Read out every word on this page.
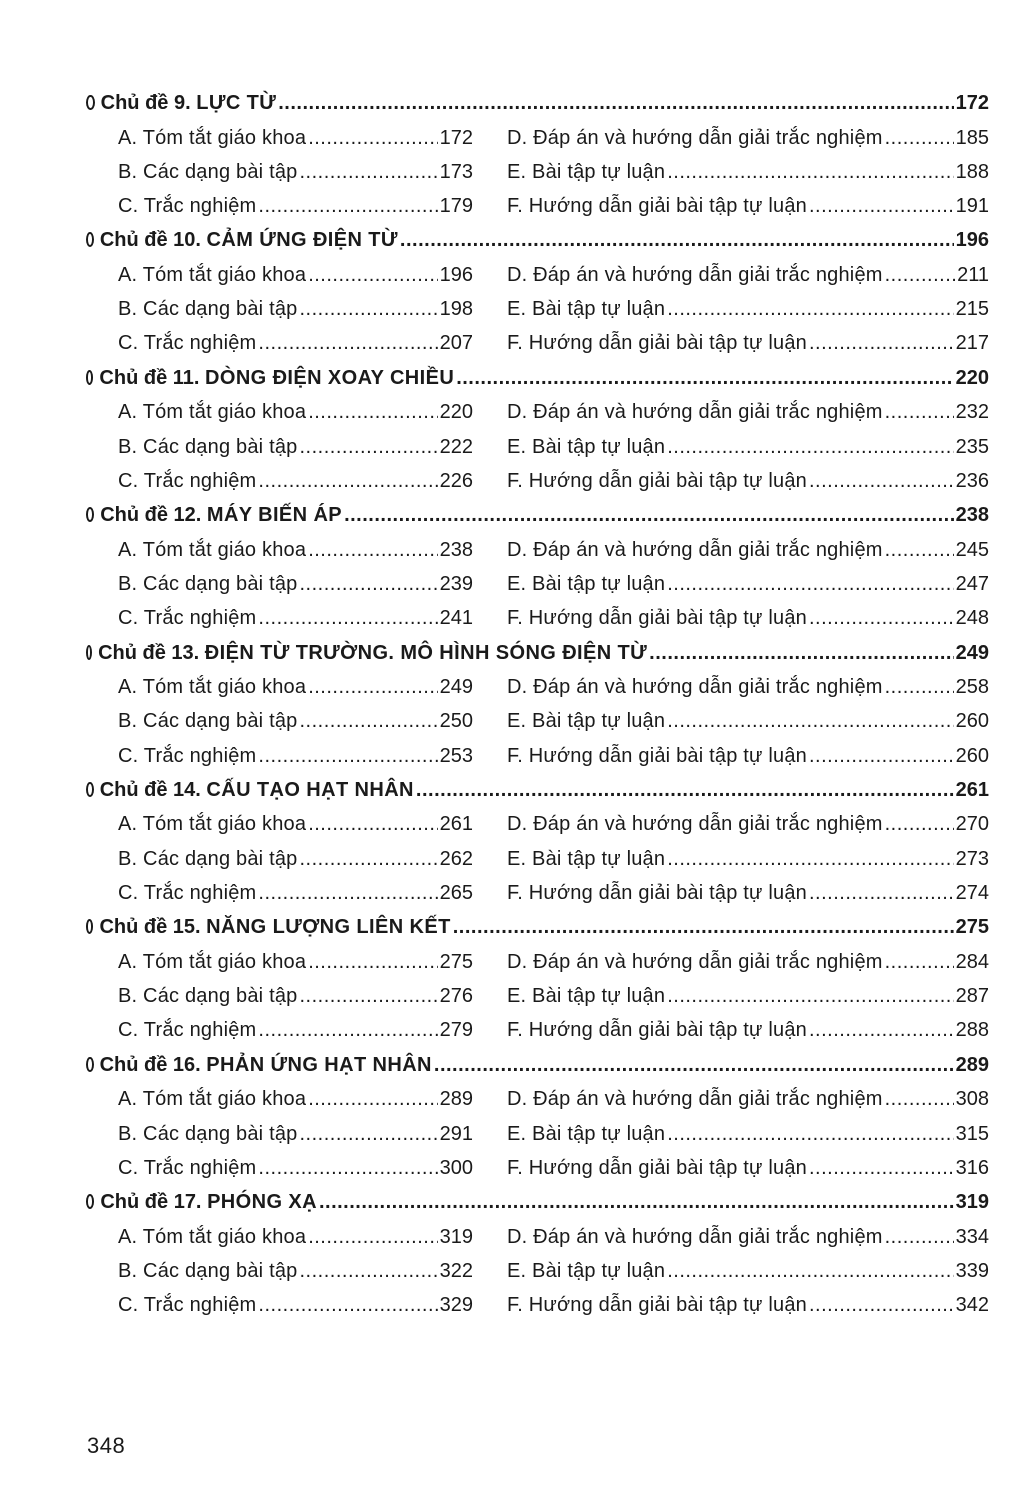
Chủ đề 9.
LỰC TỪ .....	172
A. Tóm tắt giáo khoa .....	172 D. Đáp án và hướng dẫn giải trắc nghiệm .....	185
B. Các dạng bài tập .....	173 E. Bài tập tự luận .....	188
C. Trắc nghiệm .....	179 F. Hướng dẫn giải bài tập tự luận .....	191
Chủ đề 10.
CẢM ỨNG ĐIỆN TỪ .....	196
A. Tóm tắt giáo khoa .....	196 D. Đáp án và hướng dẫn giải trắc nghiệm .....	211
B. Các dạng bài tập .....	198 E. Bài tập tự luận .....	215
C. Trắc nghiệm .....	207 F. Hướng dẫn giải bài tập tự luận .....	217
Chủ đề 11.
DÒNG ĐIỆN XOAY CHIỀU .....	220
A. Tóm tắt giáo khoa .....	220 D. Đáp án và hướng dẫn giải trắc nghiệm .....	232
B. Các dạng bài tập .....	222 E. Bài tập tự luận .....	235
C. Trắc nghiệm .....	226 F. Hướng dẫn giải bài tập tự luận .....	236
Chủ đề 12.
MÁY BIẾN ÁP .....	238
A. Tóm tắt giáo khoa .....	238 D. Đáp án và hướng dẫn giải trắc nghiệm .....	245
B. Các dạng bài tập .....	239 E. Bài tập tự luận .....	247
C. Trắc nghiệm .....	241 F. Hướng dẫn giải bài tập tự luận .....	248
Chủ đề 13.
ĐIỆN TỪ TRƯỜNG. MÔ HÌNH SÓNG ĐIỆN TỪ .....	249
A. Tóm tắt giáo khoa .....	249 D. Đáp án và hướng dẫn giải trắc nghiệm .....	258
B. Các dạng bài tập .....	250 E. Bài tập tự luận .....	260
C. Trắc nghiệm .....	253 F. Hướng dẫn giải bài tập tự luận .....	260
Chủ đề 14.
CẤU TẠO HẠT NHÂN .....	261
A. Tóm tắt giáo khoa .....	261 D. Đáp án và hướng dẫn giải trắc nghiệm .....	270
B. Các dạng bài tập .....	262 E. Bài tập tự luận .....	273
C. Trắc nghiệm .....	265 F. Hướng dẫn giải bài tập tự luận .....	274
Chủ đề 15.
NĂNG LƯỢNG LIÊN KẾT .....	275
A. Tóm tắt giáo khoa .....	275 D. Đáp án và hướng dẫn giải trắc nghiệm .....	284
B. Các dạng bài tập .....	276 E. Bài tập tự luận .....	287
C. Trắc nghiệm .....	279 F. Hướng dẫn giải bài tập tự luận .....	288
Chủ đề 16.
PHẢN ỨNG HẠT NHÂN .....	289
A. Tóm tắt giáo khoa .....	289 D. Đáp án và hướng dẫn giải trắc nghiệm .....	308
B. Các dạng bài tập .....	291 E. Bài tập tự luận .....	315
C. Trắc nghiệm .....	300 F. Hướng dẫn giải bài tập tự luận .....	316
Chủ đề 17.
PHÓNG XẠ .....	319
A. Tóm tắt giáo khoa .....	319 D. Đáp án và hướng dẫn giải trắc nghiệm .....	334
B. Các dạng bài tập .....	322 E. Bài tập tự luận .....	339
C. Trắc nghiệm .....	329 F. Hướng dẫn giải bài tập tự luận .....	342
348
